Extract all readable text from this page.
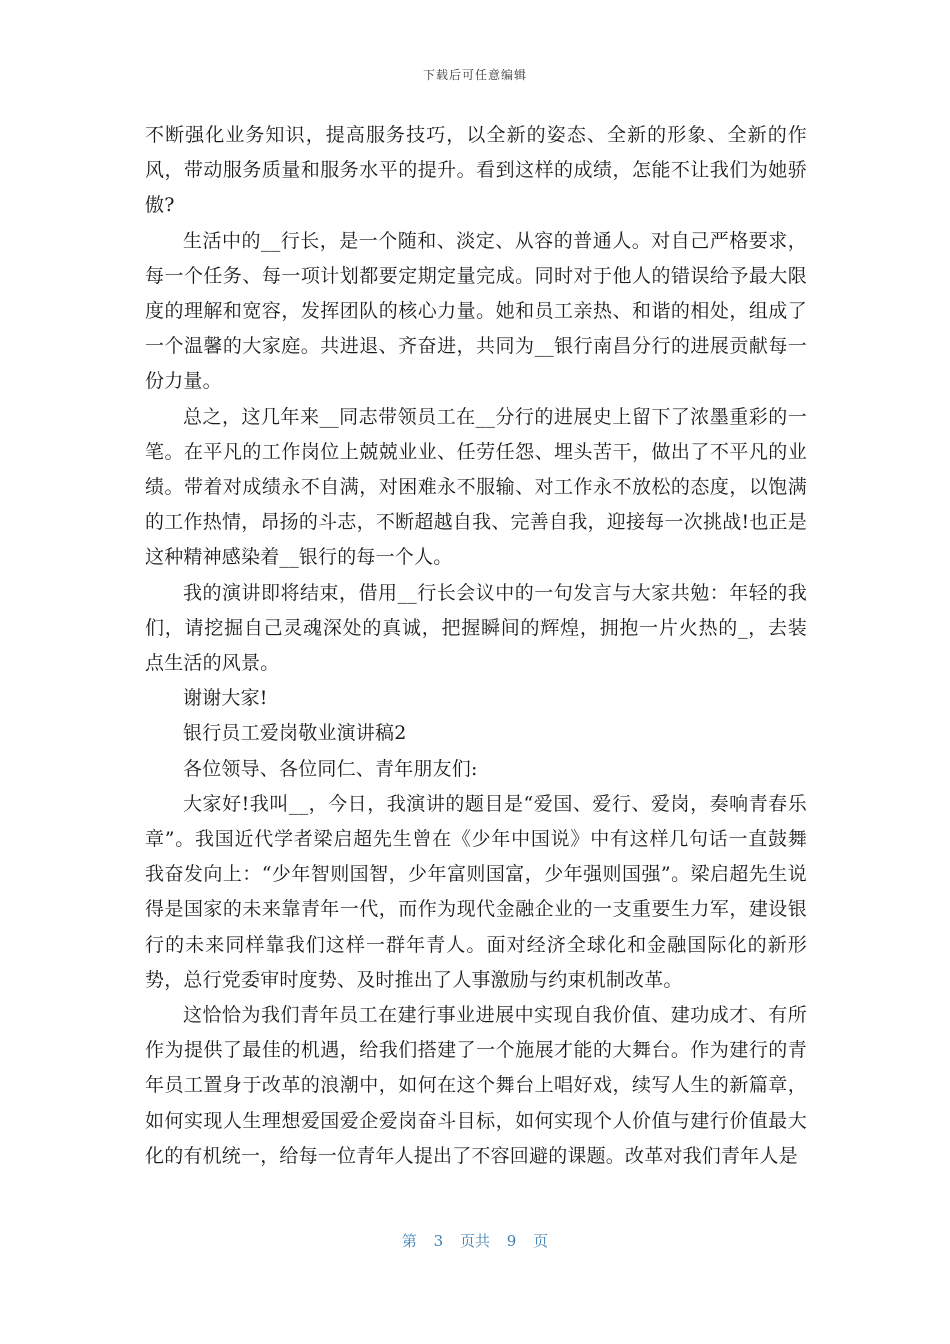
下载后可任意编辑

不断强化业务知识，提高服务技巧，以全新的姿态、全新的形象、全新的作风，带动服务质量和服务水平的提升。看到这样的成绩，怎能不让我们为她骄傲?

生活中的__行长，是一个随和、淡定、从容的普通人。对自己严格要求，每一个任务、每一项计划都要定期定量完成。同时对于他人的错误给予最大限度的理解和宽容，发挥团队的核心力量。她和员工亲热、和谐的相处，组成了一个温馨的大家庭。共进退、齐奋进，共同为__银行南昌分行的进展贡献每一份力量。

总之，这几年来__同志带领员工在__分行的进展史上留下了浓墨重彩的一笔。在平凡的工作岗位上兢兢业业、任劳任怨、埋头苦干，做出了不平凡的业绩。带着对成绩永不自满，对困难永不服输、对工作永不放松的态度，以饱满的工作热情，昂扬的斗志，不断超越自我、完善自我，迎接每一次挑战!也正是这种精神感染着__银行的每一个人。

我的演讲即将结束，借用__行长会议中的一句发言与大家共勉：年轻的我们，请挖掘自己灵魂深处的真诚，把握瞬间的辉煌，拥抱一片火热的_，去装点生活的风景。

谢谢大家!

银行员工爱岗敬业演讲稿2

各位领导、各位同仁、青年朋友们:

大家好!我叫__，今日，我演讲的题目是“爱国、爱行、爱岗，奏响青春乐章”。我国近代学者梁启超先生曾在《少年中国说》中有这样几句话一直鼓舞我奋发向上：“少年智则国智，少年富则国富，少年强则国强”。梁启超先生说得是国家的未来靠青年一代，而作为现代金融企业的一支重要生力军，建设银行的未来同样靠我们这样一群年青人。面对经济全球化和金融国际化的新形势，总行党委审时度势、及时推出了人事激励与约束机制改革。

这恰恰为我们青年员工在建行事业进展中实现自我价值、建功成才、有所作为提供了最佳的机遇，给我们搭建了一个施展才能的大舞台。作为建行的青年员工置身于改革的浪潮中，如何在这个舞台上唱好戏，续写人生的新篇章，如何实现人生理想爱国爱企爱岗奋斗目标，如何实现个人价值与建行价值最大化的有机统一，给每一位青年人提出了不容回避的课题。改革对我们青年人是

第 3 页共 9 页
